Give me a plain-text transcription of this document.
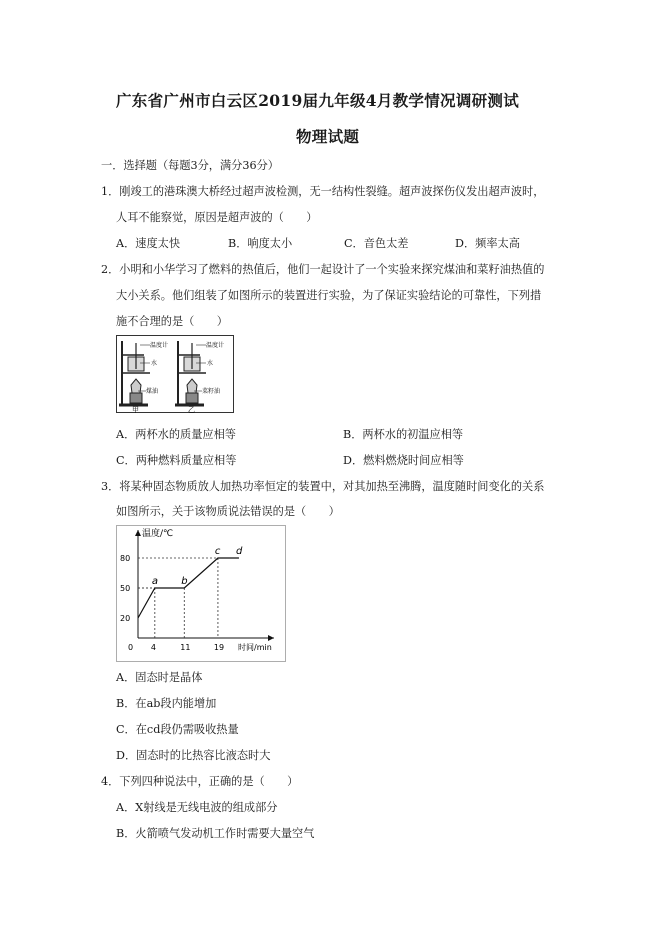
广东省广州市白云区2019届九年级4月教学情况调研测试
物理试题
一．选择题（每题3分，满分36分）
1．刚竣工的港珠澳大桥经过超声波检测，无一结构性裂缝。超声波探伤仪发出超声波时，
人耳不能察觉，原因是超声波的（　　）
A．速度太快	B．响度太小	C．音色太差	D．频率太高
2．小明和小华学习了燃料的热值后，他们一起设计了一个实验来探究煤油和菜籽油热值的
大小关系。他们组装了如图所示的装置进行实验，为了保证实验结论的可靠性，下列措
施不合理的是（　　）
温度计
水
煤油
甲
温度计
水
菜籽油
乙
A．两杯水的质量应相等	B．两杯水的初温应相等
C．两种燃料质量应相等	D．燃料燃烧时间应相等
3．将某种固态物质放人加热功率恒定的装置中，对其加热至沸腾，温度随时间变化的关系
如图所示，关于该物质说法错误的是（　　）
温度/℃
时间/min
a b
c d
0 4	11	19
20
50
80
A．固态时是晶体
B．在ab段内能增加
C．在cd段仍需吸收热量
D．固态时的比热容比液态时大
4．下列四种说法中，正确的是（　　）
A．X射线是无线电波的组成部分
B．火箭喷气发动机工作时需要大量空气
